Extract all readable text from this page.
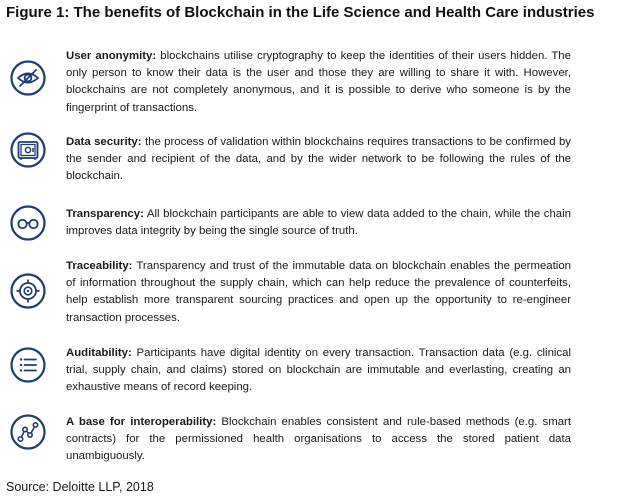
Figure 1: The benefits of Blockchain in the Life Science and Health Care industries
User anonymity: blockchains utilise cryptography to keep the identities of their users hidden. The only person to know their data is the user and those they are willing to share it with. However, blockchains are not completely anonymous, and it is possible to derive who someone is by the fingerprint of transactions.
Data security: the process of validation within blockchains requires transactions to be confirmed by the sender and recipient of the data, and by the wider network to be following the rules of the blockchain.
Transparency: All blockchain participants are able to view data added to the chain, while the chain improves data integrity by being the single source of truth.
Traceability: Transparency and trust of the immutable data on blockchain enables the permeation of information throughout the supply chain, which can help reduce the prevalence of counterfeits, help establish more transparent sourcing practices and open up the opportunity to re-engineer transaction processes.
Auditability: Participants have digital identity on every transaction. Transaction data (e.g. clinical trial, supply chain, and claims) stored on blockchain are immutable and everlasting, creating an exhaustive means of record keeping.
A base for interoperability: Blockchain enables consistent and rule-based methods (e.g. smart contracts) for the permissioned health organisations to access the stored patient data unambiguously.
Source: Deloitte LLP, 2018
